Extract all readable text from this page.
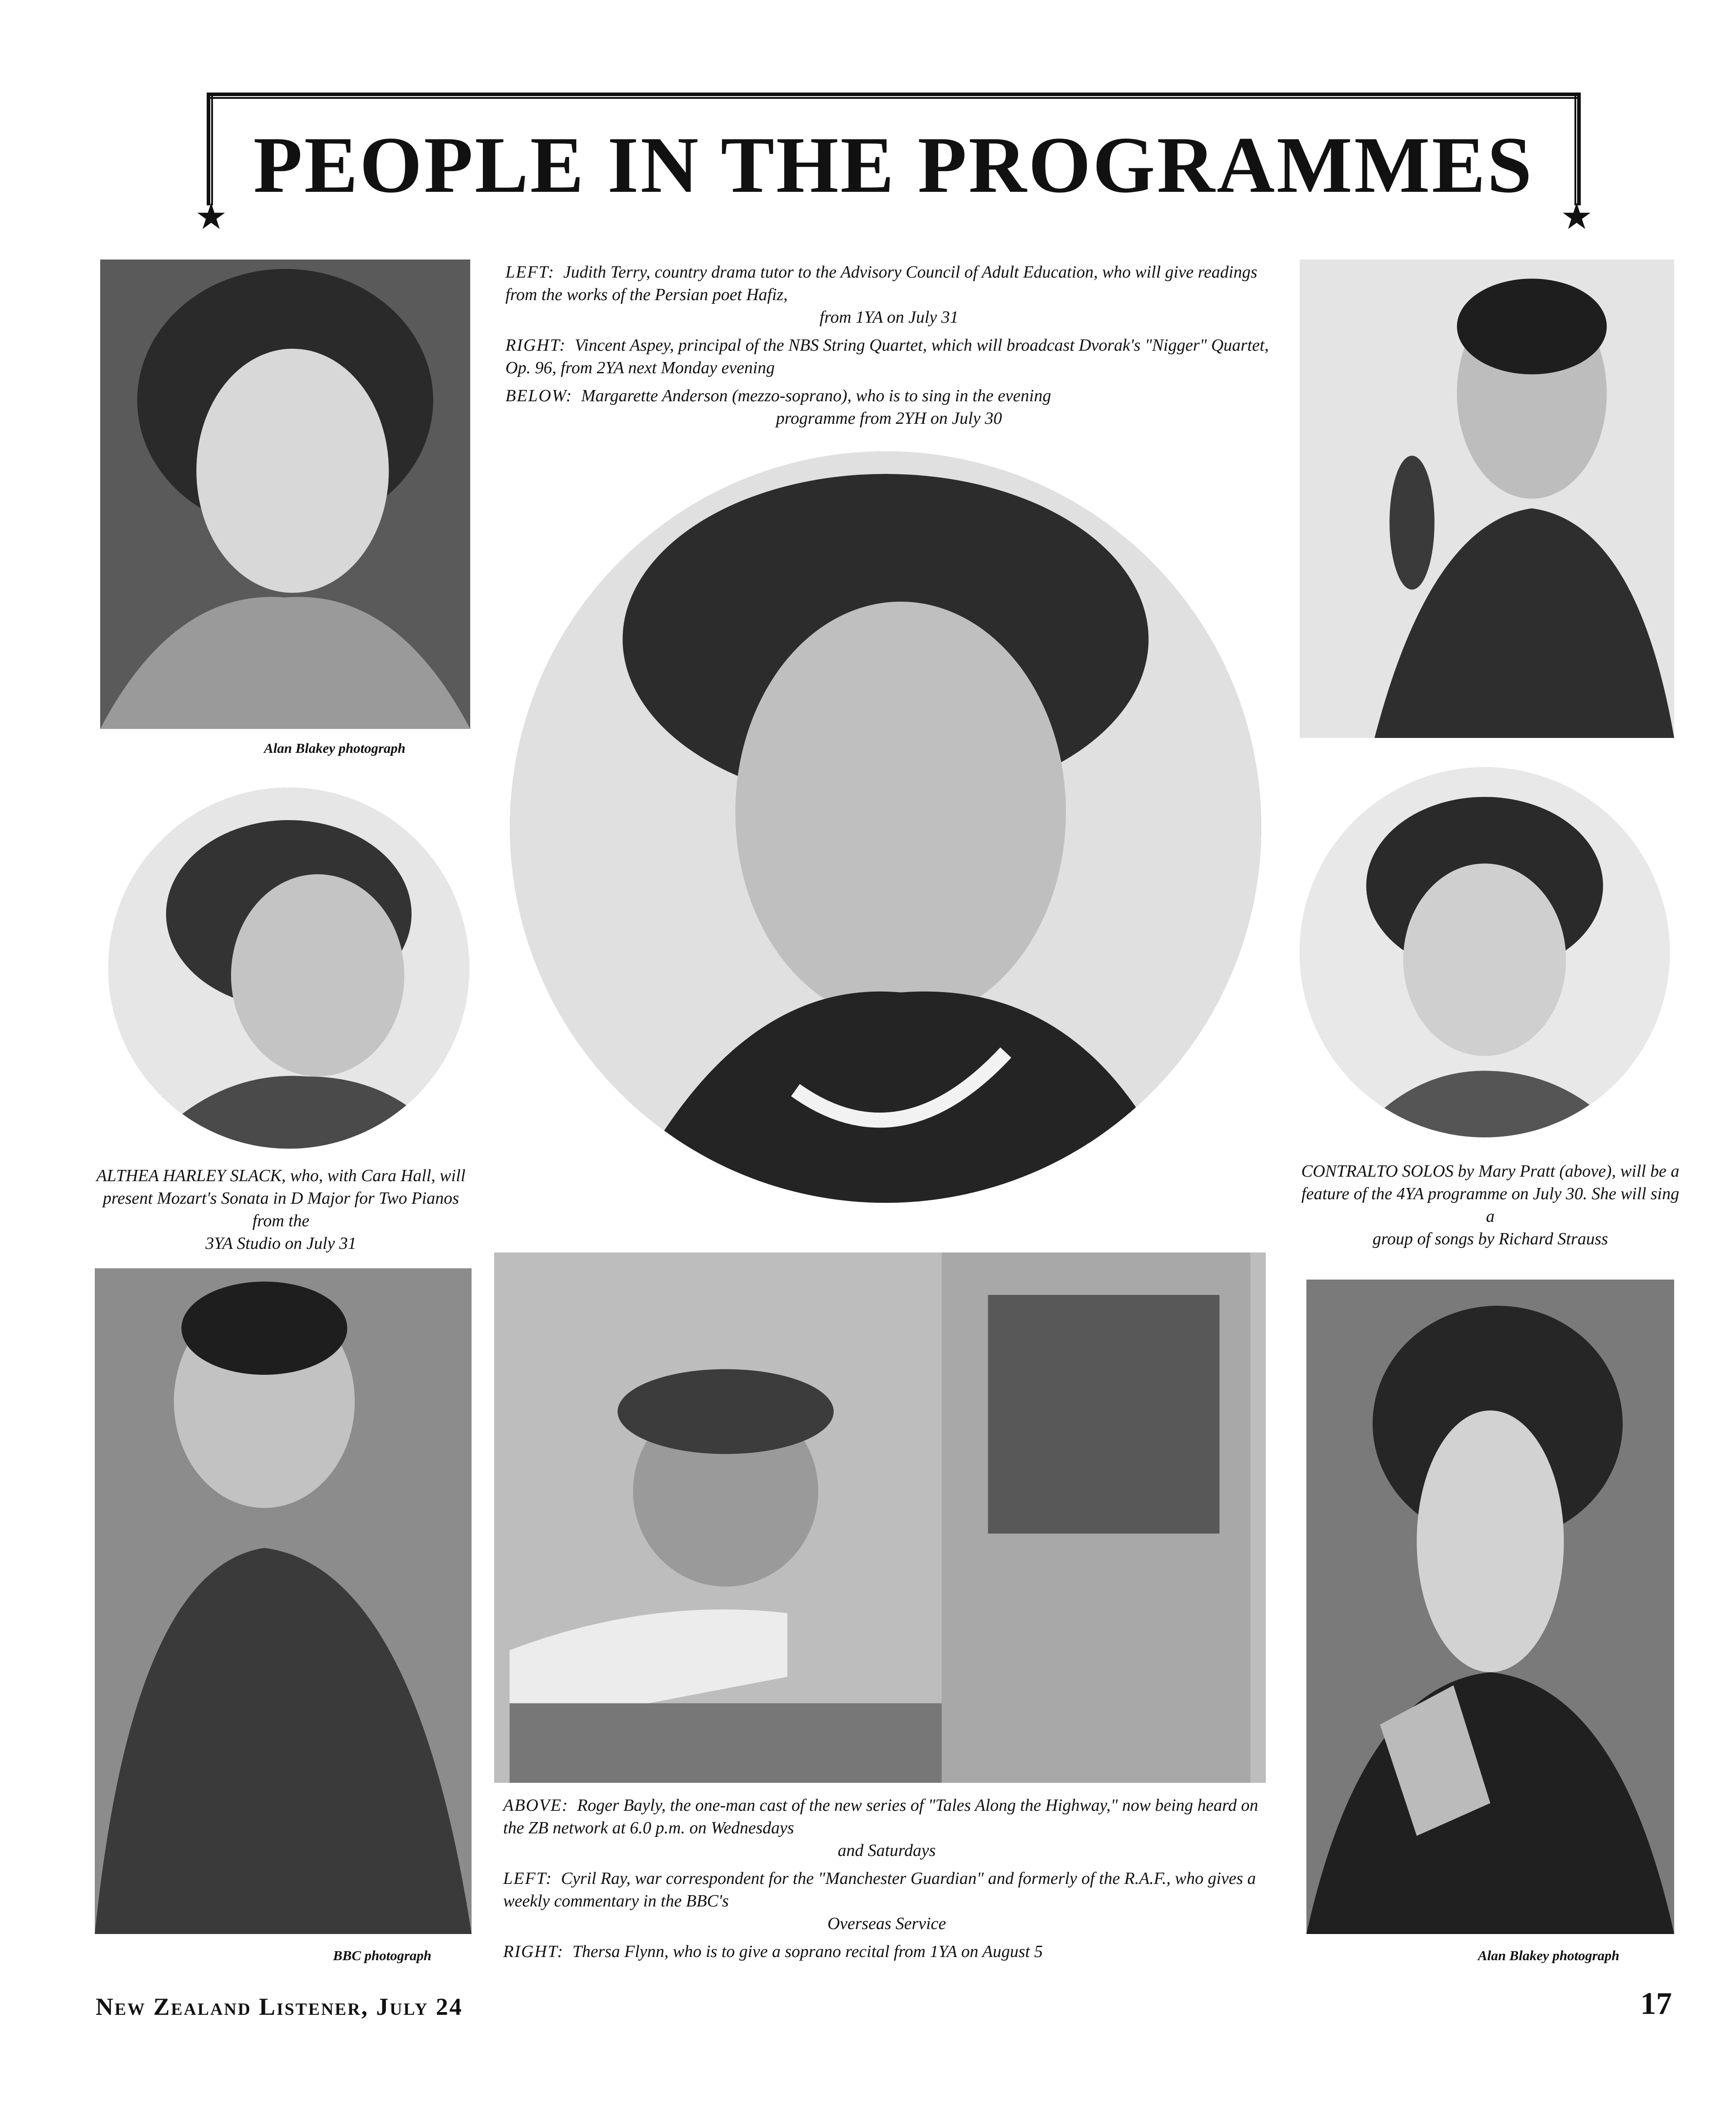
★	★
PEOPLE IN THE PROGRAMMES
Alan Blakey photograph

LEFT: Judith Terry, country drama tutor to the Advisory Council of Adult Education, who will give readings from the works of the Persian poet Hafiz,

from 1YA on July 31

RIGHT: Vincent Aspey, principal of the NBS String Quartet, which will broadcast Dvorak's "Nigger" Quartet, Op. 96, from 2YA next Monday evening

BELOW: Margarette Anderson (mezzo-soprano), who is to sing in the evening

programme from 2YH on July 30

ALTHEA HARLEY SLACK, who, with Cara Hall, will present Mozart's Sonata in D Major for Two Pianos from the
3YA Studio on July 31
CONTRALTO SOLOS by Mary Pratt (above), will be a feature of the 4YA programme on July 30. She will sing a
group of songs by Richard Strauss
BBC photograph	Alan Blakey photograph

ABOVE: Roger Bayly, the one-man cast of the new series of "Tales Along the Highway," now being heard on the ZB network at 6.0 p.m. on Wednesdays

and Saturdays

LEFT: Cyril Ray, war correspondent for the "Manchester Guardian" and formerly of the R.A.F., who gives a weekly commentary in the BBC's

Overseas Service

RIGHT: Thersa Flynn, who is to give a soprano recital from 1YA on August 5

New Zealand Listener, July 24	17
